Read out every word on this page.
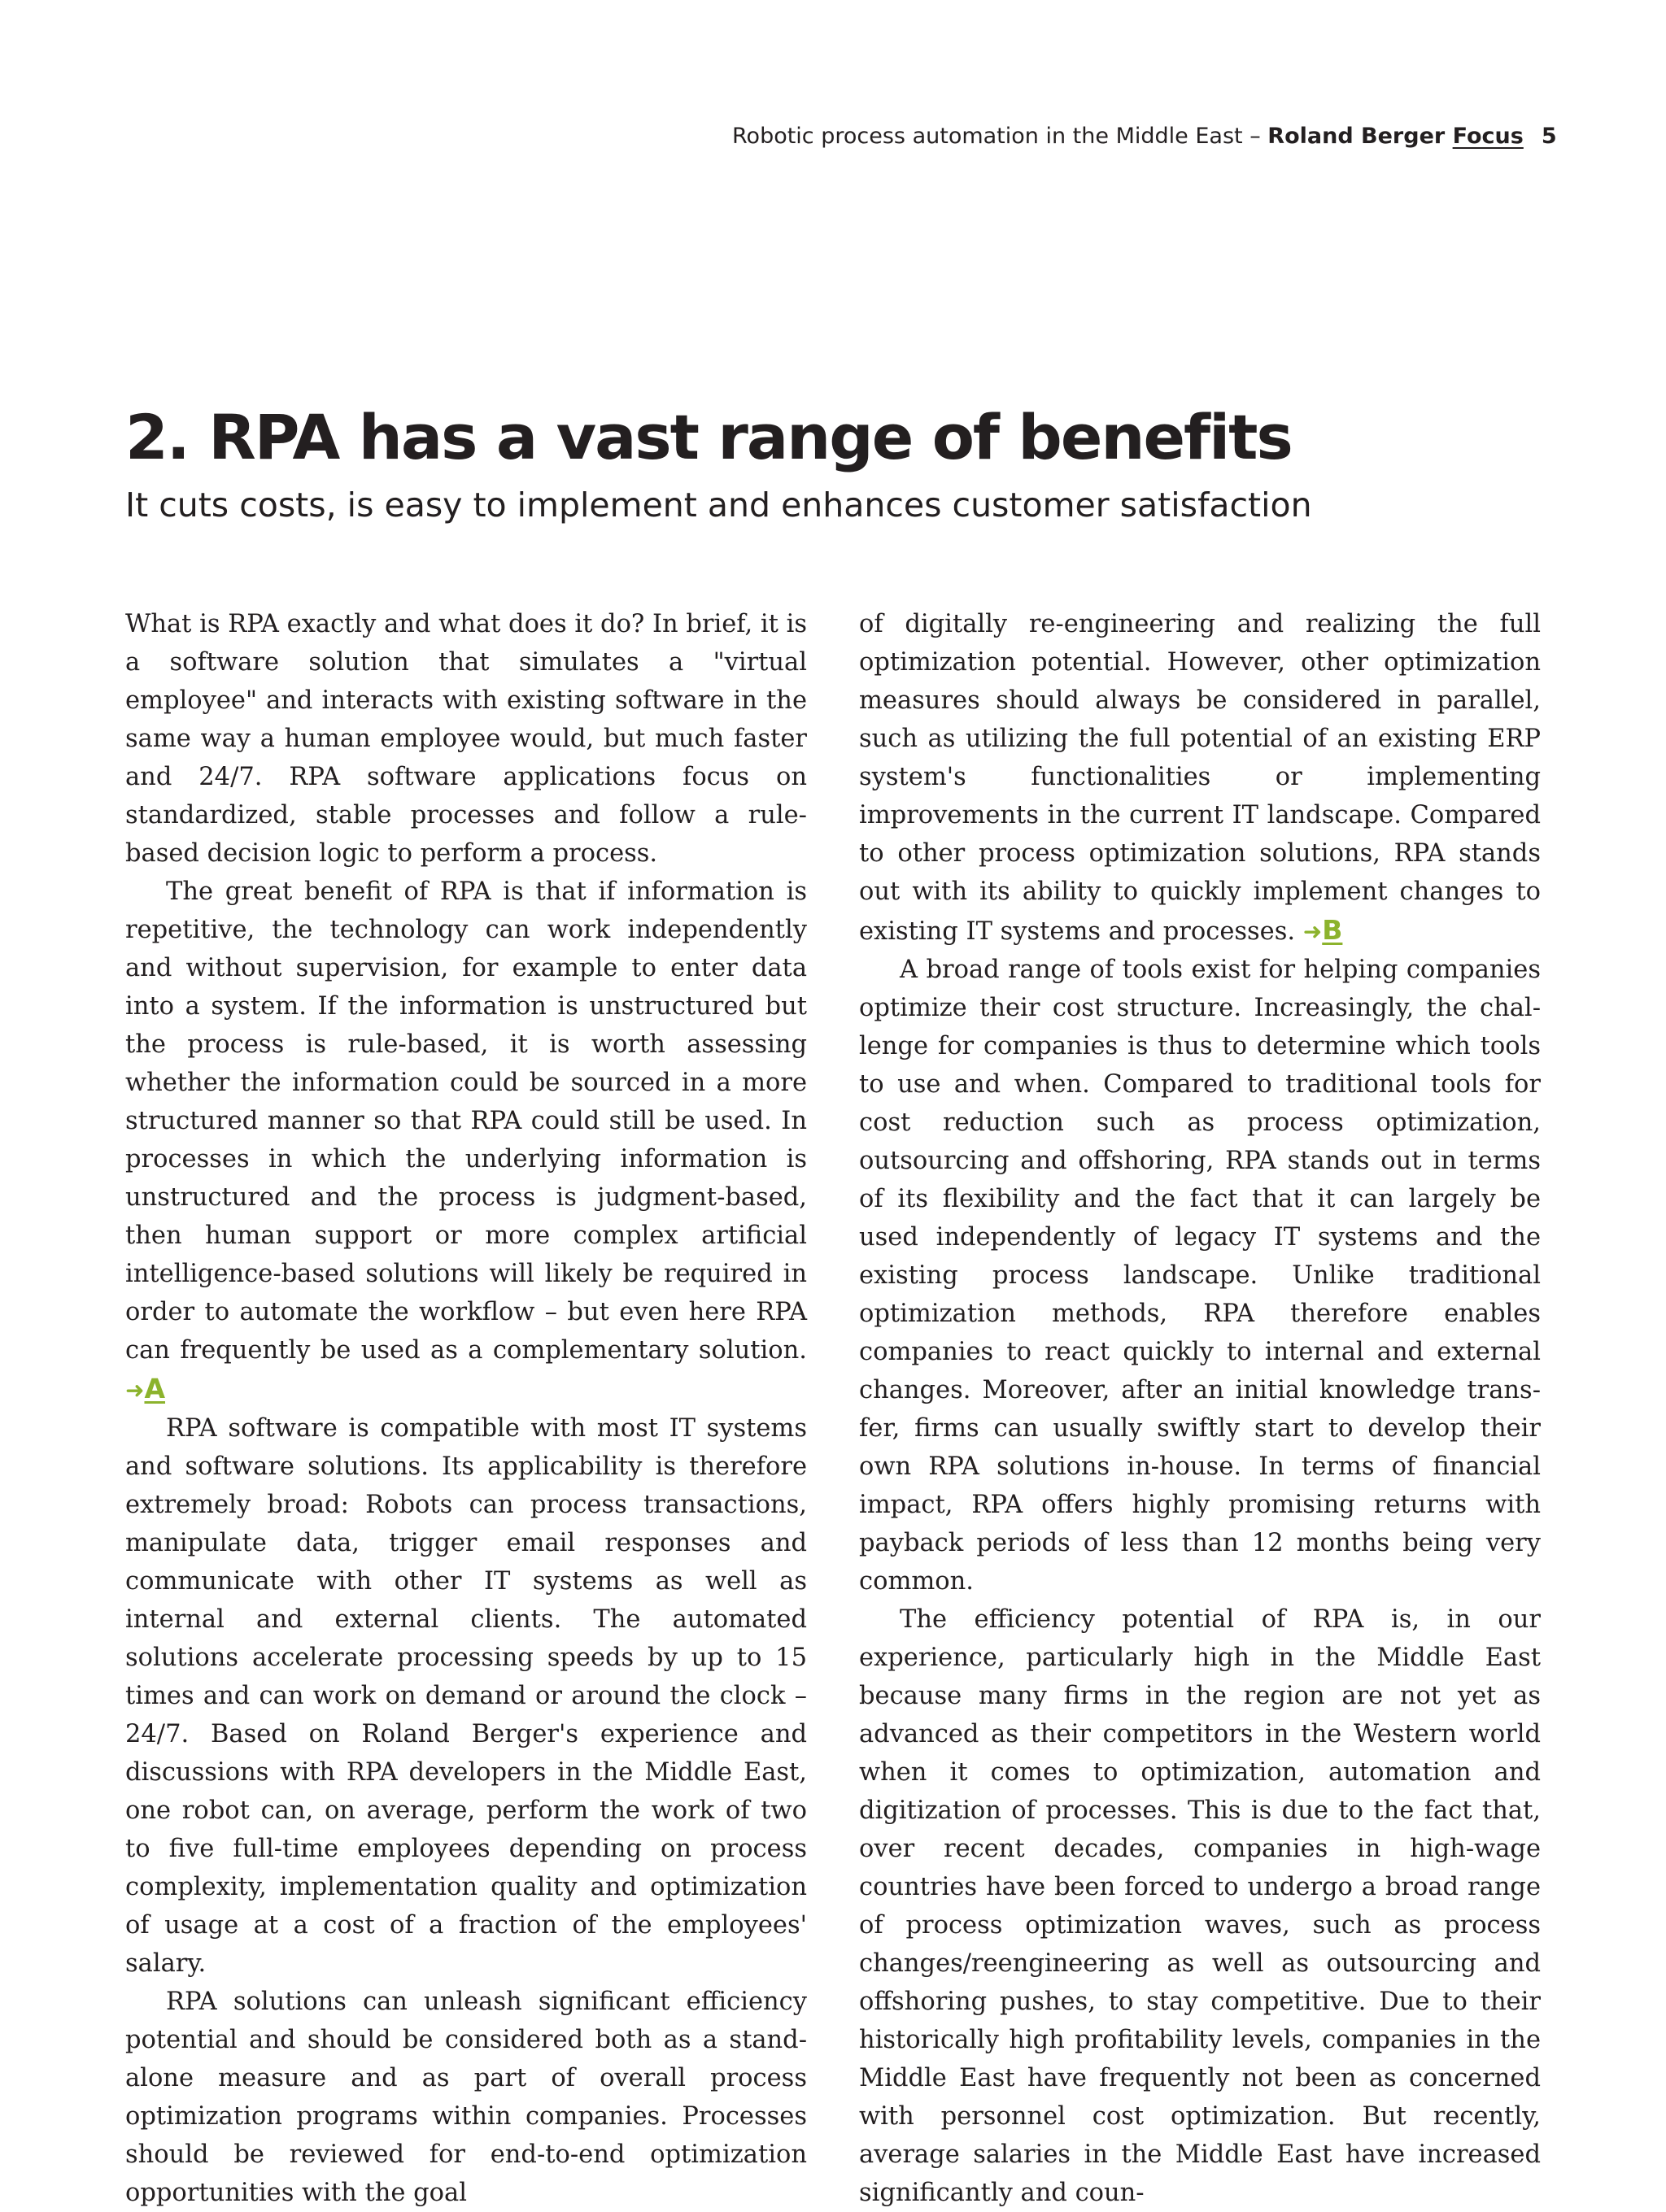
Robotic process automation in the Middle East – Roland Berger Focus 5
2. RPA has a vast range of benefits
It cuts costs, is easy to implement and enhances customer satisfaction

What is RPA exactly and what does it do? In brief, it is a software solution that simulates a "virtual employee" and interacts with existing software in the same way a human employee would, but much faster and 24/7. RPA software applications focus on standardized, stable processes and follow a rule-based decision logic to perform a process.

The great benefit of RPA is that if information is repetitive, the technology can work independently and without supervision, for example to enter data into a system. If the information is unstructured but the process is rule-based, it is worth assessing whether the information could be sourced in a more structured manner so that RPA could still be used. In processes in which the underlying information is unstructured and the process is judgment-based, then human support or more complex artificial intelligence-based solutions will likely be required in order to automate the workflow – but even here RPA can frequently be used as a complementary solution. ➜A

RPA software is compatible with most IT systems and software solutions. Its applicability is therefore extremely broad: Robots can process transactions, manipulate data, trigger email responses and communicate with other IT systems as well as internal and external clients. The automated solutions accelerate processing speeds by up to 15 times and can work on demand or around the clock – 24/7. Based on Roland Berger's experience and discussions with RPA developers in the Middle East, one robot can, on average, perform the work of two to five full-time employees depending on process complexity, implementation quality and optimization of usage at a cost of a fraction of the employees' salary.

RPA solutions can unleash significant efficiency potential and should be considered both as a stand-alone measure and as part of overall process optimization programs within companies. Processes should be reviewed for end-to-end optimization opportunities with the goal

of digitally re-engineering and realizing the full optimization potential. However, other optimization measures should always be considered in parallel, such as utilizing the full potential of an existing ERP system's functionalities or implementing improvements in the current IT landscape. Compared to other process optimization solutions, RPA stands out with its ability to quickly implement changes to existing IT systems and processes. ➜B

A broad range of tools exist for helping companies optimize their cost structure. Increasingly, the challenge for companies is thus to determine which tools to use and when. Compared to traditional tools for cost reduction such as process optimization, outsourcing and offshoring, RPA stands out in terms of its flexibility and the fact that it can largely be used independently of legacy IT systems and the existing process landscape. Unlike traditional optimization methods, RPA therefore enables companies to react quickly to internal and external changes. Moreover, after an initial knowledge transfer, firms can usually swiftly start to develop their own RPA solutions in-house. In terms of financial impact, RPA offers highly promising returns with payback periods of less than 12 months being very common.

The efficiency potential of RPA is, in our experience, particularly high in the Middle East because many firms in the region are not yet as advanced as their competitors in the Western world when it comes to optimization, automation and digitization of processes. This is due to the fact that, over recent decades, companies in high-wage countries have been forced to undergo a broad range of process optimization waves, such as process changes/reengineering as well as outsourcing and offshoring pushes, to stay competitive. Due to their historically high profitability levels, companies in the Middle East have frequently not been as concerned with personnel cost optimization. But recently, average salaries in the Middle East have increased significantly and coun-
